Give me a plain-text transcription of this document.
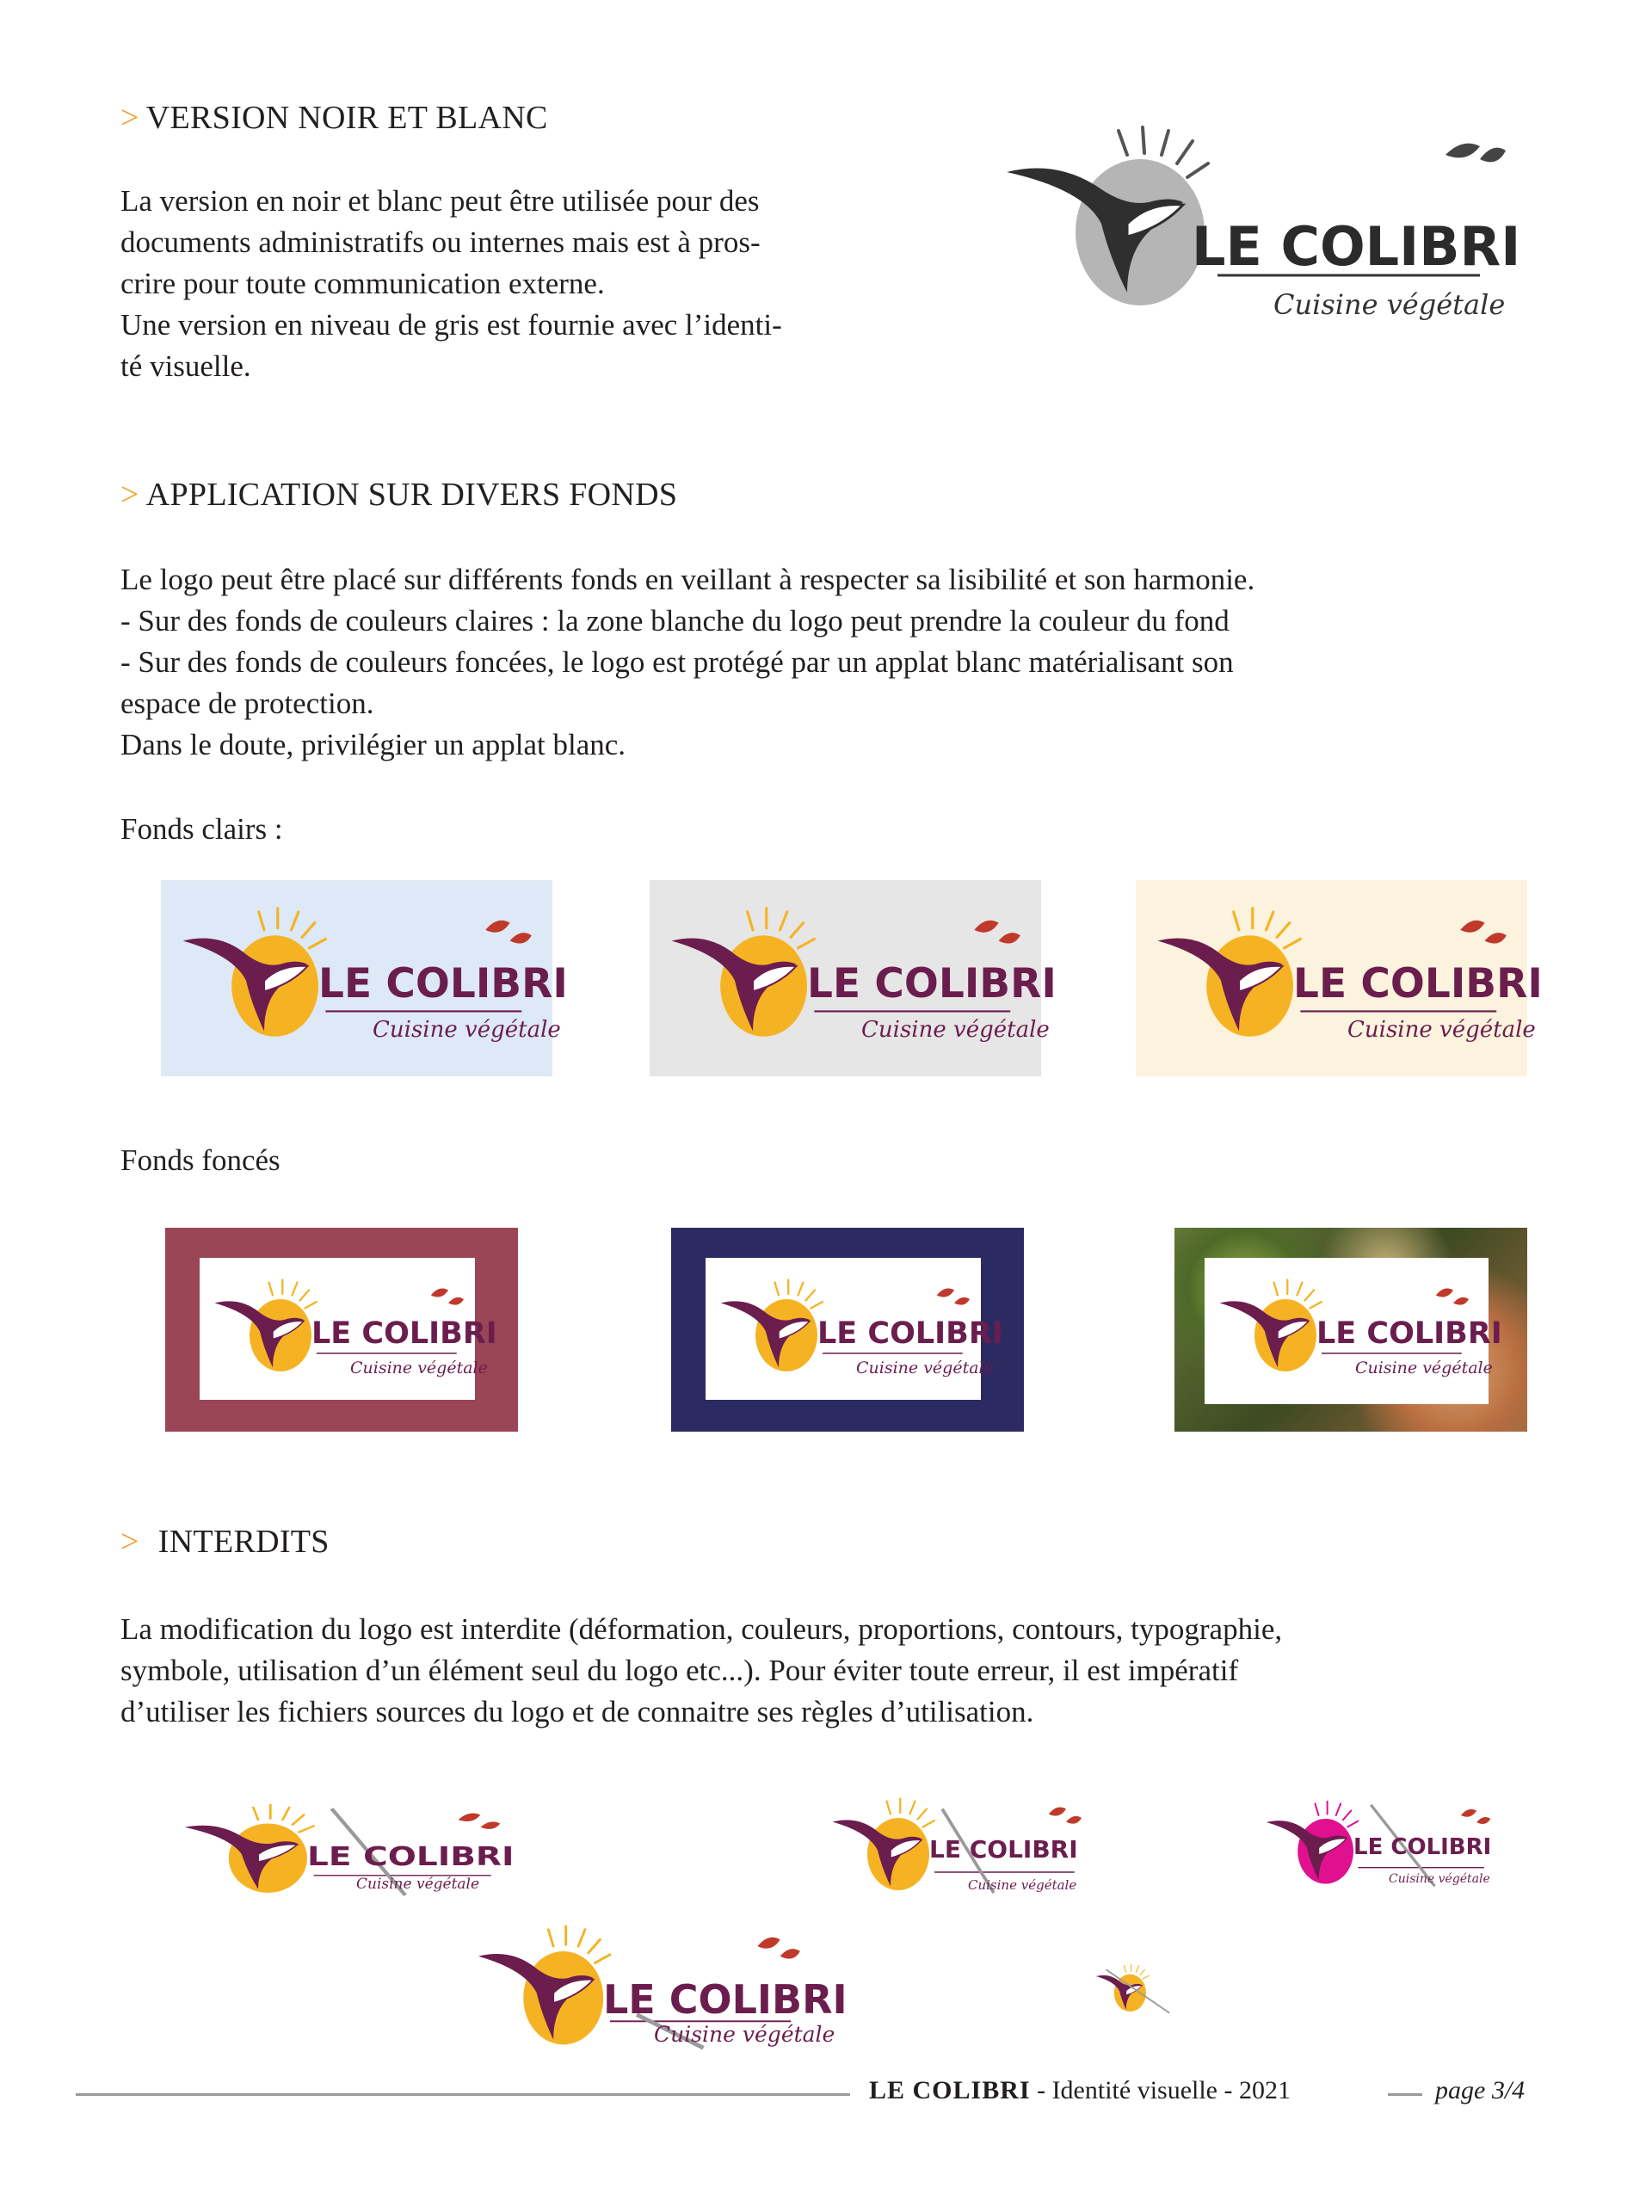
> VERSION NOIR ET BLANC
La version en noir et blanc peut être utilisée pour des
documents administratifs ou internes mais est à pros-
crire pour toute communication externe.
Une version en niveau de gris est fournie avec l’identi-
té visuelle.
LE COLIBRI
Cuisine végétale
> APPLICATION SUR DIVERS FONDS
Le logo peut être placé sur différents fonds en veillant à respecter sa lisibilité et son harmonie.
- Sur des fonds de couleurs claires : la zone blanche du logo peut prendre la couleur du fond
- Sur des fonds de couleurs foncées, le logo est protégé par un applat blanc matérialisant son
espace de protection.
Dans le doute, privilégier un applat blanc.
Fonds clairs :
LE COLIBRI
Cuisine végétale
LE COLIBRI
Cuisine végétale
LE COLIBRI
Cuisine végétale
Fonds foncés
LE COLIBRI
Cuisine végétale
LE COLIBRI
Cuisine végétale
LE COLIBRI
Cuisine végétale
> INTERDITS
La modification du logo est interdite (déformation, couleurs, proportions, contours, typographie,
symbole, utilisation d’un élément seul du logo etc...). Pour éviter toute erreur, il est impératif
d’utiliser les fichiers sources du logo et de connaitre ses règles d’utilisation.
LE COLIBRI
Cuisine végétale
LE COLIBRI
Cuisine végétale
LE COLIBRI
Cuisine végétale
LE COLIBRI
Cuisine végétale
LE COLIBRI - Identité visuelle - 2021	page 3/4
